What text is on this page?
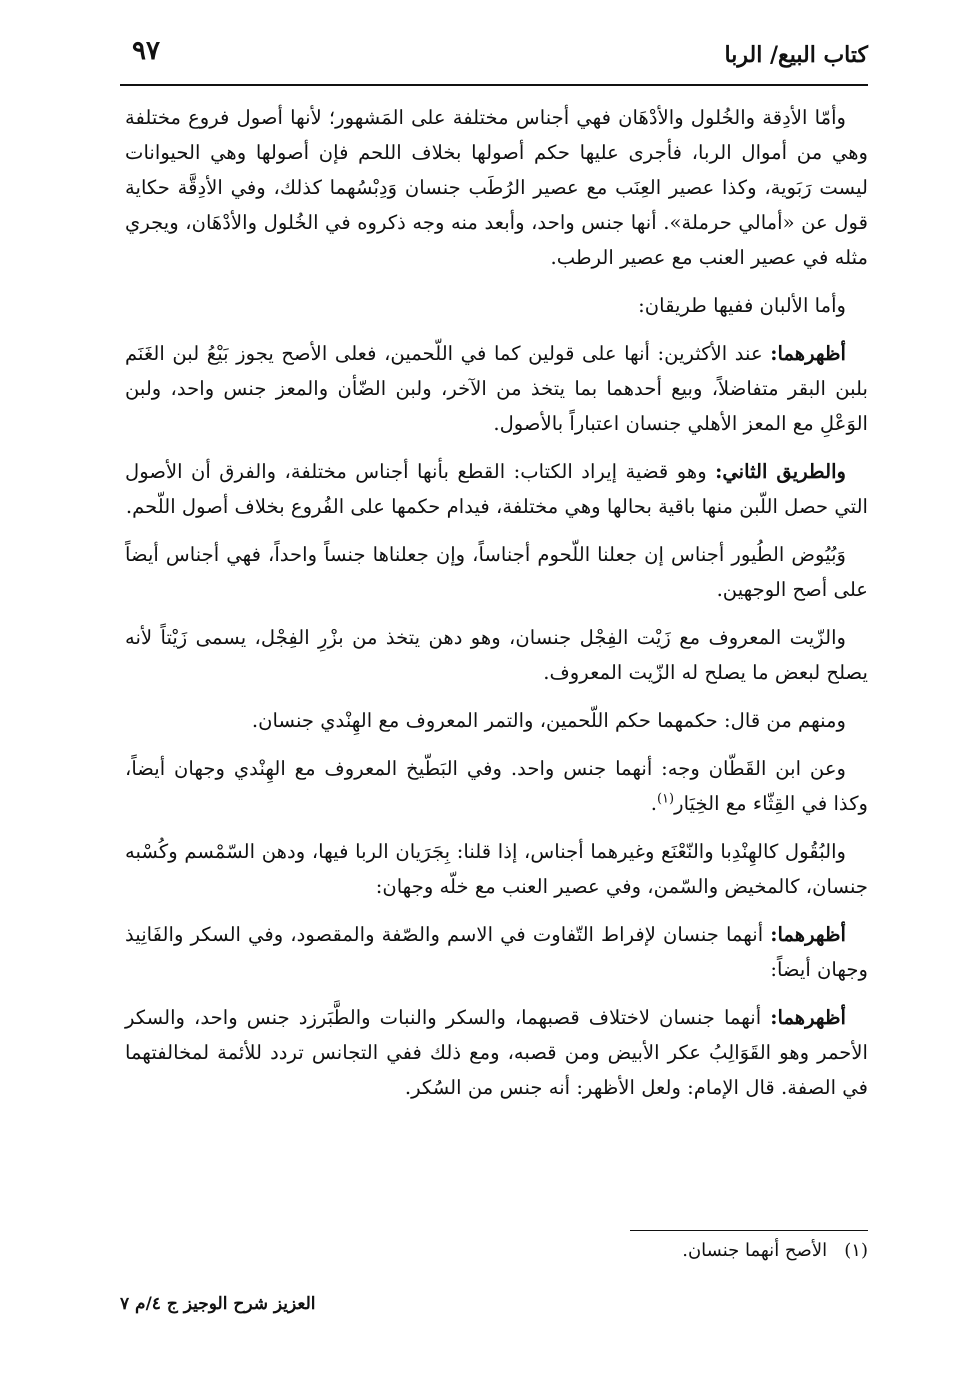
٩٧	كتاب البيع/ الربا

وأمّا الأدِقة والخُلول والأدْهَان فهي أجناس مختلفة على المَشهور؛ لأنها أصول فروع مختلفة وهي من أموال الربا، فأجرى عليها حكم أصولها بخلاف اللحم فإن أصولها وهي الحيوانات ليست رَبَوية، وكذا عصير العِنَب مع عصير الرُطَب جنسان وَدِبْسُهما كذلك، وفي الأدِقَّة حكاية قول عن «أمالي حرملة». أنها جنس واحد، وأبعد منه وجه ذكروه في الخُلول والأدْهَان، ويجري مثله في عصير العنب مع عصير الرطب.

وأما الألبان ففيها طريقان:

أظهرهما: عند الأكثرين: أنها على قولين كما في اللّحمين، فعلى الأصح يجوز بَيْعُ لبن الغَنَم بلبن البقر متفاضلاً، وبيع أحدهما بما يتخذ من الآخر، ولبن الضّأن والمعز جنس واحد، ولبن الوَعْلِ مع المعز الأهلي جنسان اعتباراً بالأصول.

والطريق الثاني: وهو قضية إيراد الكتاب: القطع بأنها أجناس مختلفة، والفرق أن الأصول التي حصل اللّبن منها باقية بحالها وهي مختلفة، فيدام حكمها على الفُروع بخلاف أصول اللّحم.

وَبُيُوض الطُيور أجناس إن جعلنا اللّحوم أجناساً، وإن جعلناها جنساً واحداً، فهي أجناس أيضاً على أصح الوجهين.

والزّيت المعروف مع زَيْت الفِجْل جنسان، وهو دهن يتخذ من بزْرِ الفِجْل، يسمى زَيْتاً لأنه يصلح لبعض ما يصلح له الزّيت المعروف.

ومنهم من قال: حكمهما حكم اللّحمين، والتمر المعروف مع الهِنْدي جنسان.

وعن ابن القَطّان وجه: أنهما جنس واحد. وفي البَطّيخ المعروف مع الهِنْدي وجهان أيضاً، وكذا في القِثّاء مع الخِيَار$^{(١)}$.

والبُقُول كالهِنْدِبا والنّعْنَع وغيرهما أجناس، إذا قلنا: بِجَرَيان الربا فيها، ودهن السّمْسم وكُسْبه جنسان، كالمخيض والسّمن، وفي عصير العنب مع خلّه وجهان:

أظهرهما: أنهما جنسان لإفراط التّفاوت في الاسم والصّفة والمقصود، وفي السكر والفَانِيذ وجهان أيضاً:

أظهرهما: أنهما جنسان لاختلاف قصبهما، والسكر والنبات والطَّبَرزد جنس واحد، والسكر الأحمر وهو القَوَالِبُ عكر الأبيض ومن قصبه، ومع ذلك ففي التجانس تردد للأئمة لمخالفتهما في الصفة. قال الإمام: ولعل الأظهر: أنه جنس من السُكر.

(١)   الأصح أنهما جنسان.
العزيز شرح الوجيز ج ٤/م ٧
